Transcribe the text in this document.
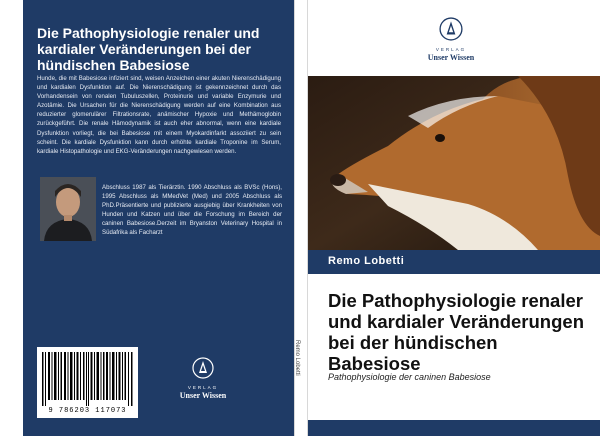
Die Pathophysiologie renaler und kardialer Veränderungen bei der hündischen Babesiose
Hunde, die mit Babesiose infiziert sind, weisen Anzeichen einer akuten Nierenschädigung und kardialen Dysfunktion auf. Die Nierenschädigung ist gekennzeichnet durch das Vorhandensein von renalen Tubuluszellen, Proteinurie und variable Enzymurie und Azotämie. Die Ursachen für die Nierenschädigung werden auf eine Kombination aus reduzierter glomerulärer Filtrationsrate, anämischer Hypoxie und Methämoglobin zurückgeführt. Die renale Hämodynamik ist auch eher abnormal, wenn eine kardiale Dysfunktion vorliegt, die bei Babesiose mit einem Myokardinfarkt assoziiert zu sein scheint. Die kardiale Dysfunktion kann durch erhöhte kardiale Troponine im Serum, kardiale Histopathologie und EKG-Veränderungen nachgewiesen werden.
Abschluss 1987 als Tierärztin. 1990 Abschluss als BVSc (Hons), 1995 Abschluss als MMedVet (Med) und 2005 Abschluss als PhD.Präsentierte und publizierte ausgiebig über Krankheiten von Hunden und Katzen und über die Forschung im Bereich der caninen Babesiose.Derzeit im Bryanston Veterinary Hospital in Südafrika als Facharzt
9 786203 117073
VERLAG
Unser Wissen
Remo Lobetti
VERLAG
Unser Wissen
Remo Lobetti
Die Pathophysiologie renaler und kardialer Veränderungen bei der hündischen Babesiose
Pathophysiologie der caninen Babesiose
